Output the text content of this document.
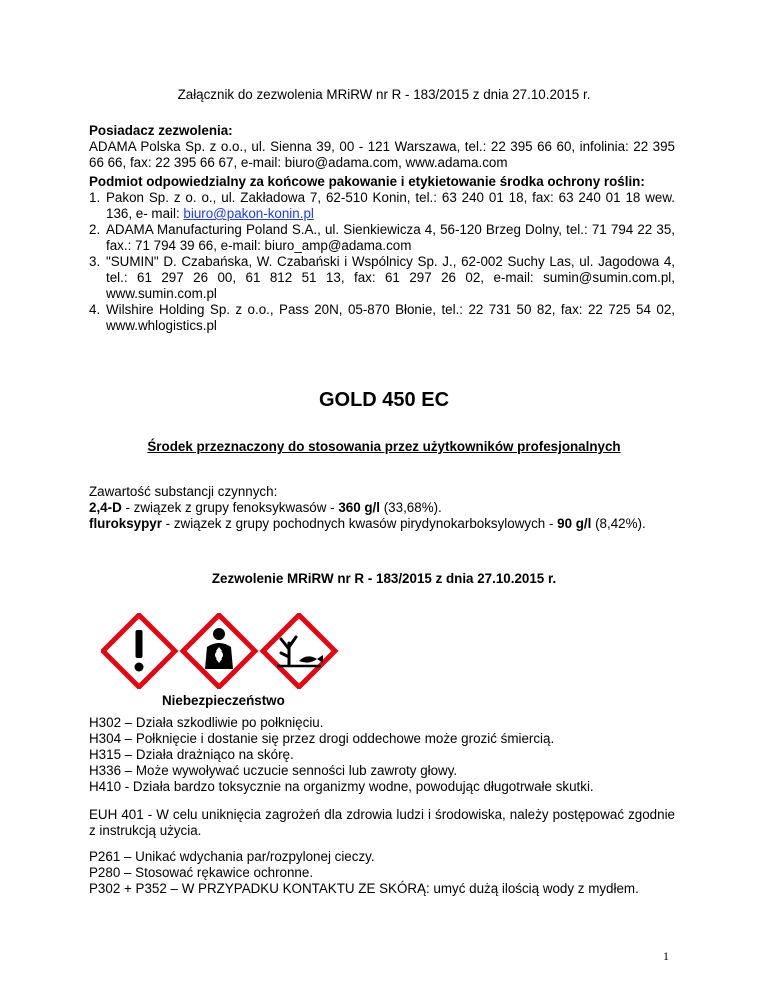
Załącznik do zezwolenia MRiRW nr R - 183/2015 z dnia 27.10.2015 r.
Posiadacz zezwolenia:
ADAMA Polska Sp. z o.o., ul. Sienna 39, 00 - 121 Warszawa, tel.: 22 395 66 60, infolinia: 22 395 66 66, fax: 22 395 66 67, e-mail: biuro@adama.com, www.adama.com
Podmiot odpowiedzialny za końcowe pakowanie i etykietowanie środka ochrony roślin:
1. Pakon Sp. z o. o., ul. Zakładowa 7, 62-510 Konin, tel.: 63 240 01 18, fax: 63 240 01 18 wew. 136, e- mail: biuro@pakon-konin.pl
2. ADAMA Manufacturing Poland S.A., ul. Sienkiewicza 4, 56-120 Brzeg Dolny, tel.: 71 794 22 35, fax.: 71 794 39 66, e-mail: biuro_amp@adama.com
3. "SUMIN" D. Czabańska, W. Czabański i Wspólnicy Sp. J., 62-002 Suchy Las, ul. Jagodowa 4, tel.: 61 297 26 00, 61 812 51 13, fax: 61 297 26 02, e-mail: sumin@sumin.com.pl, www.sumin.com.pl
4. Wilshire Holding Sp. z o.o., Pass 20N, 05-870 Błonie, tel.: 22 731 50 82, fax: 22 725 54 02, www.whlogistics.pl
GOLD 450 EC
Środek przeznaczony do stosowania przez użytkowników profesjonalnych
Zawartość substancji czynnych:
2,4-D - związek z grupy fenoksykwasów - 360 g/l (33,68%).
fluroksypyr - związek z grupy pochodnych kwasów pirydynokarboksylowych - 90 g/l (8,42%).
Zezwolenie MRiRW nr R - 183/2015 z dnia 27.10.2015 r.
Niebezpieczeństwo
H302 – Działa szkodliwie po połknięciu.
H304 – Połknięcie i dostanie się przez drogi oddechowe może grozić śmiercią.
H315 – Działa drażniąco na skórę.
H336 – Może wywoływać uczucie senności lub zawroty głowy.
H410 - Działa bardzo toksycznie na organizmy wodne, powodując długotrwałe skutki.
EUH 401 - W celu uniknięcia zagrożeń dla zdrowia ludzi i środowiska, należy postępować zgodnie z instrukcją użycia.
P261 – Unikać wdychania par/rozpylonej cieczy.
P280 – Stosować rękawice ochronne.
P302 + P352 – W PRZYPADKU KONTAKTU ZE SKÓRĄ: umyć dużą ilością wody z mydłem.
1
